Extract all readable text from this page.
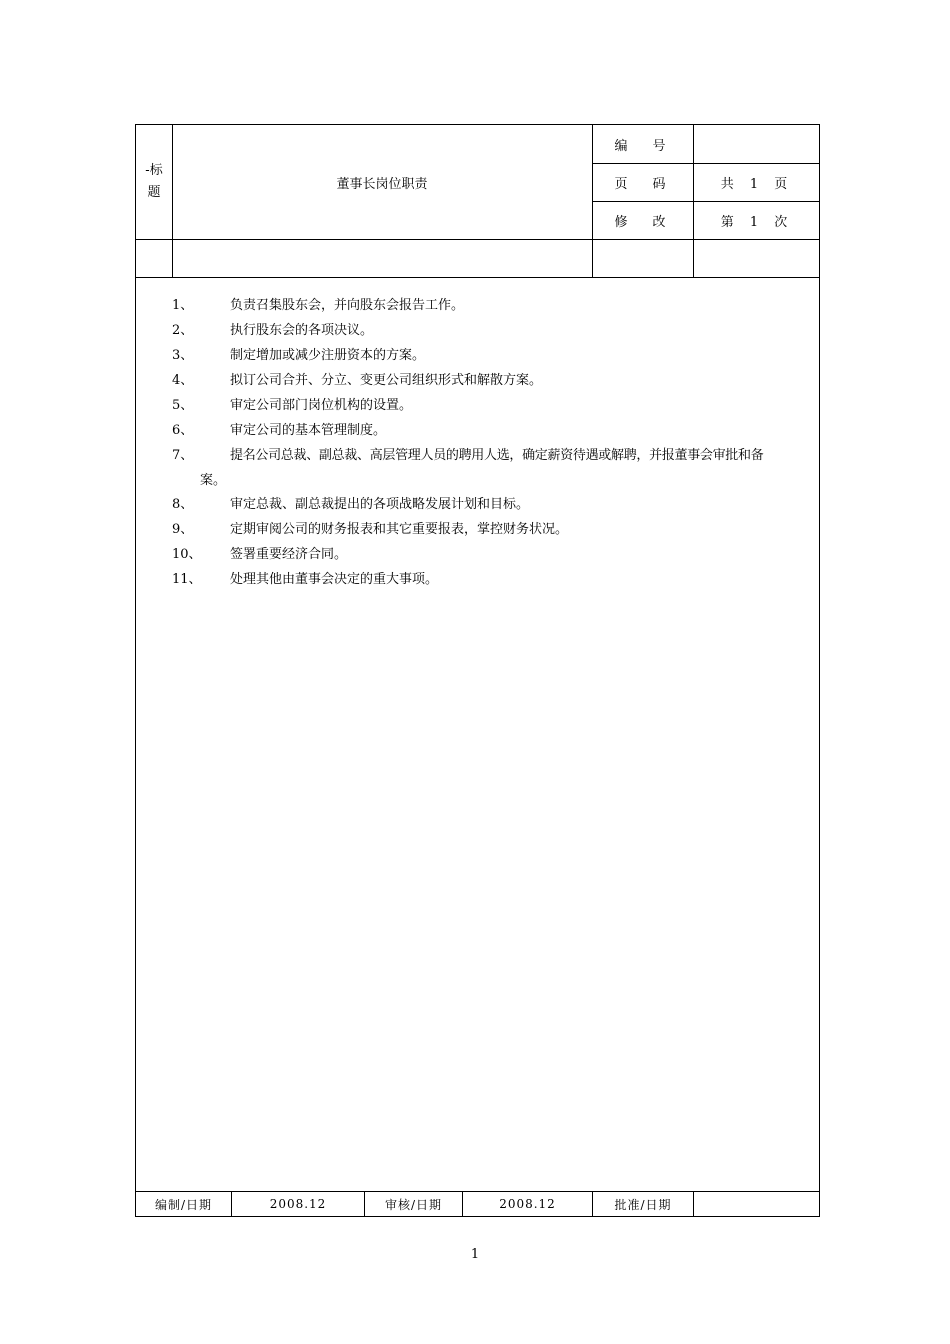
-标
题
董事长岗位职责
编　号
页　码	共 1 页
修　改	第 1 次
编制/日期	2008.12	审核/日期	2008.12	批准/日期
1、	负责召集股东会，并向股东会报告工作。
2、	执行股东会的各项决议。
3、	制定增加或减少注册资本的方案。
4、	拟订公司合并、分立、变更公司组织形式和解散方案。
5、	审定公司部门岗位机构的设置。
6、	审定公司的基本管理制度。
7、	提名公司总裁、副总裁、高层管理人员的聘用人选，确定薪资待遇或解聘，并报董事会审批和备
案。
8、	审定总裁、副总裁提出的各项战略发展计划和目标。
9、	定期审阅公司的财务报表和其它重要报表，掌控财务状况。
10、 签署重要经济合同。
11、 处理其他由董事会决定的重大事项。
1
